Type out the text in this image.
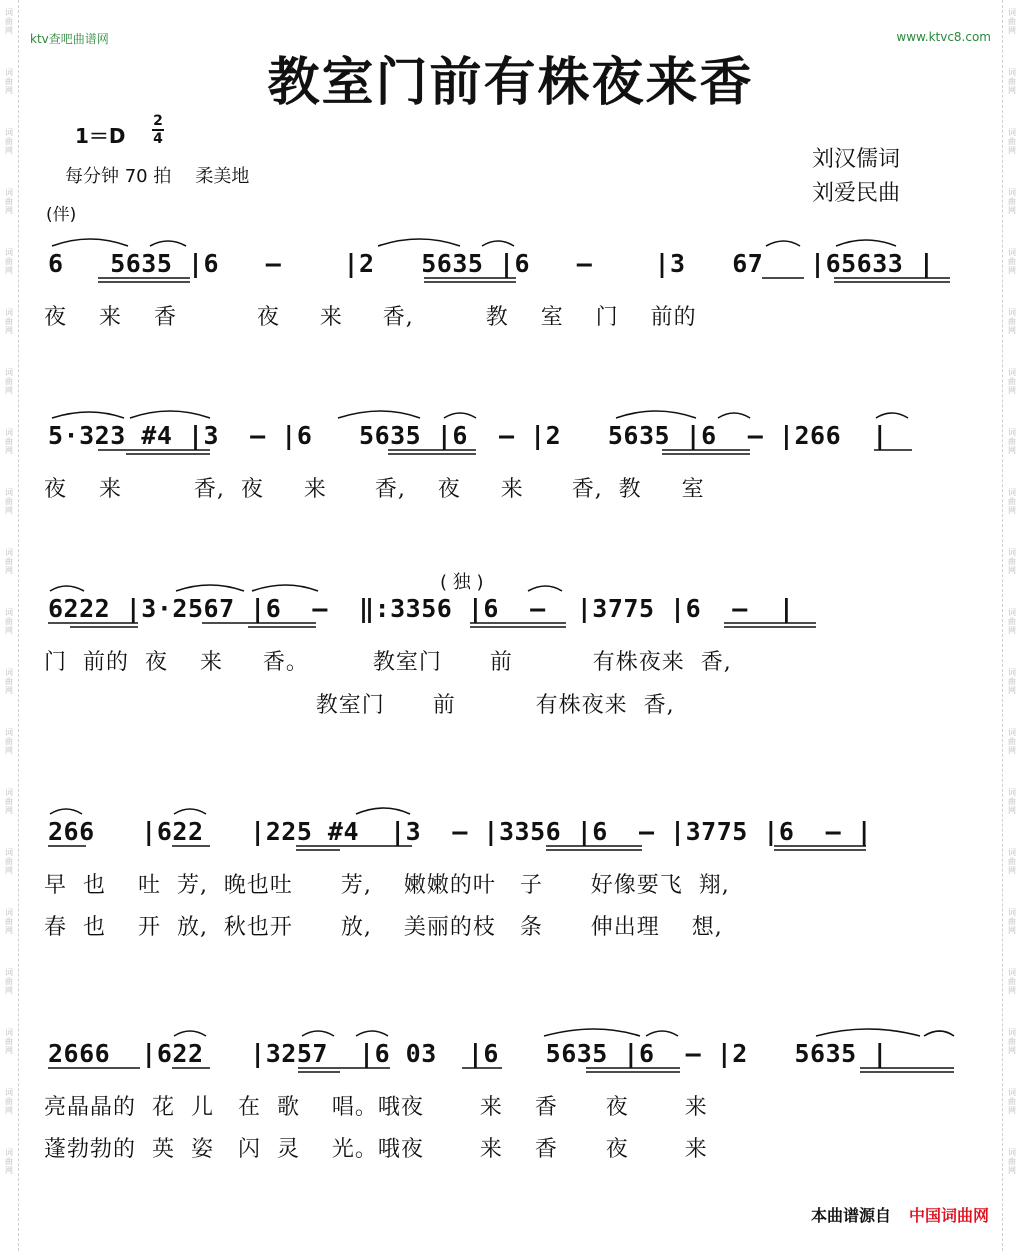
词
曲
网
词
曲
网
词
曲
网
词
曲
网
词
曲
网
词
曲
网
词
曲
网
词
曲
网
词
曲
网
词
曲
网
词
曲
网
词
曲
网
词
曲
网
词
曲
网
词
曲
网
词
曲
网
词
曲
网
词
曲
网
词
曲
网
词
曲
网
词
曲
网
词
曲
网
词
曲
网
词
曲
网
词
曲
网
词
曲
网
词
曲
网
词
曲
网
词
曲
网
词
曲
网
词
曲
网
词
曲
网
词
曲
网
词
曲
网
词
曲
网
词
曲
网
词
曲
网
词
曲
网
词
曲
网
词
曲
网
ktv查吧曲谱网	www.ktvc8.com
教室门前有株夜来香
1＝D
2
4
每分钟 70 拍 柔美地
刘汉儒词
刘爱民曲
(伴)
( 独 )
6   5635 |6   –    |2   5635 |6   –    |3   67   |65633 |
夜    来    香          夜     来     香,         教    室    门    前的
5·323 #4 |3  – |6   5635 |6  – |2   5635 |6  – |266  |
夜    来         香,  夜     来      香,    夜     来      香,  教     室
6222 |3·2567 |6  –  ‖:3356 |6  –  |3775 |6  –  |
门  前的  夜    来     香。        教室门      前          有株夜来  香,
教室门      前          有株夜来  香,
266   |622   |225 #4  |3  – |3356 |6  – |3775 |6  – |
早  也    吐  芳,  晚也吐      芳,    嫩嫩的叶   子      好像要飞  翔,
春  也    开  放,  秋也开      放,    美丽的枝   条      伸出理    想,
2666  |622   |3257  |6 03  |6   5635 |6  – |2   5635 |
亮晶晶的  花  儿   在  歌    唱。哦夜       来    香      夜       来
蓬勃勃的  英  姿   闪  灵    光。哦夜       来    香      夜       来
本曲谱源自 中国词曲网
